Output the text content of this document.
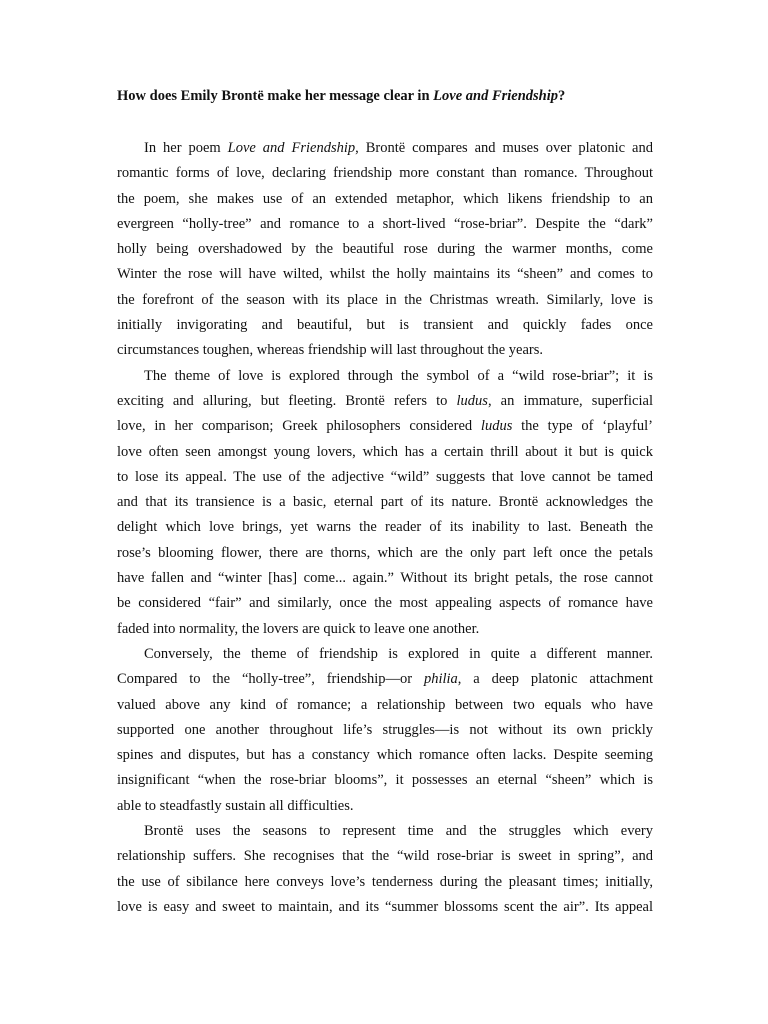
How does Emily Brontë make her message clear in Love and Friendship?
In her poem Love and Friendship, Brontë compares and muses over platonic and
romantic forms of love, declaring friendship more constant than romance. Throughout
the poem, she makes use of an extended metaphor, which likens friendship to an
evergreen “holly-tree” and romance to a short-lived “rose-briar”. Despite the “dark”
holly being overshadowed by the beautiful rose during the warmer months, come
Winter the rose will have wilted, whilst the holly maintains its “sheen” and comes to
the forefront of the season with its place in the Christmas wreath. Similarly, love is
initially invigorating and beautiful, but is transient and quickly fades once
circumstances toughen, whereas friendship will last throughout the years.
The theme of love is explored through the symbol of a “wild rose-briar”; it is
exciting and alluring, but fleeting. Brontë refers to ludus, an immature, superficial
love, in her comparison; Greek philosophers considered ludus the type of ‘playful’
love often seen amongst young lovers, which has a certain thrill about it but is quick
to lose its appeal. The use of the adjective “wild” suggests that love cannot be tamed
and that its transience is a basic, eternal part of its nature. Brontë acknowledges the
delight which love brings, yet warns the reader of its inability to last. Beneath the
rose’s blooming flower, there are thorns, which are the only part left once the petals
have fallen and “winter [has] come... again.” Without its bright petals, the rose cannot
be considered “fair” and similarly, once the most appealing aspects of romance have
faded into normality, the lovers are quick to leave one another.
Conversely, the theme of friendship is explored in quite a different manner.
Compared to the “holly-tree”, friendship—or philia, a deep platonic attachment
valued above any kind of romance; a relationship between two equals who have
supported one another throughout life’s struggles—is not without its own prickly
spines and disputes, but has a constancy which romance often lacks. Despite seeming
insignificant “when the rose-briar blooms”, it possesses an eternal “sheen” which is
able to steadfastly sustain all difficulties.
Brontë uses the seasons to represent time and the struggles which every
relationship suffers. She recognises that the “wild rose-briar is sweet in spring”, and
the use of sibilance here conveys love’s tenderness during the pleasant times; initially,
love is easy and sweet to maintain, and its “summer blossoms scent the air”. Its appeal
